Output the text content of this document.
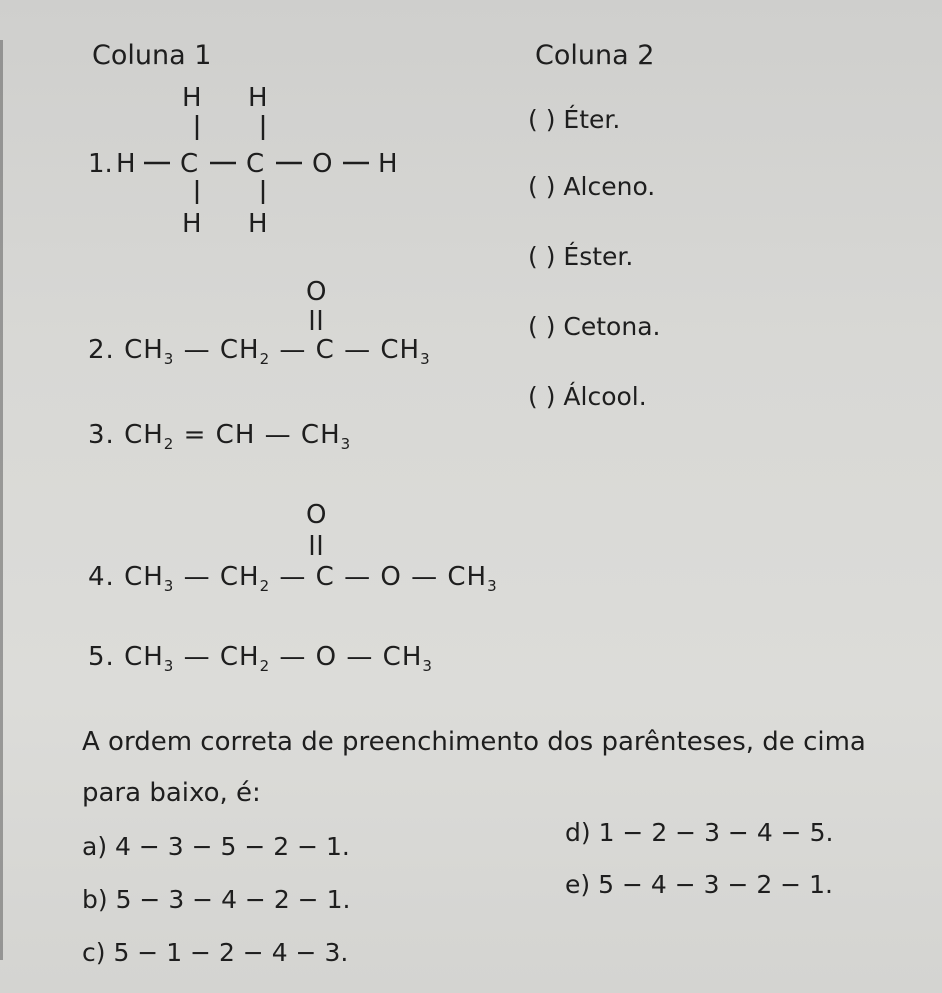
Coluna 1	Coluna 2
( ) Éter.
( ) Alceno.
( ) Éster.
( ) Cetona.
( ) Álcool.
1. H C C O H
H H
H H
2. $CH_3$ — $CH_2$ — C — $CH_3$
O
3. $CH_2$ = CH — $CH_3$
4. $CH_3$ — $CH_2$ — C — O — $CH_3$
O
5. $CH_3$ — $CH_2$ — O — $CH_3$
A ordem correta de preenchimento dos parênteses, de cima
para baixo, é:
a) 4 − 3 − 5 − 2 − 1.
b) 5 − 3 − 4 − 2 − 1.
c) 5 − 1 − 2 − 4 − 3.
d) 1 − 2 − 3 − 4 − 5.
e) 5 − 4 − 3 − 2 − 1.
